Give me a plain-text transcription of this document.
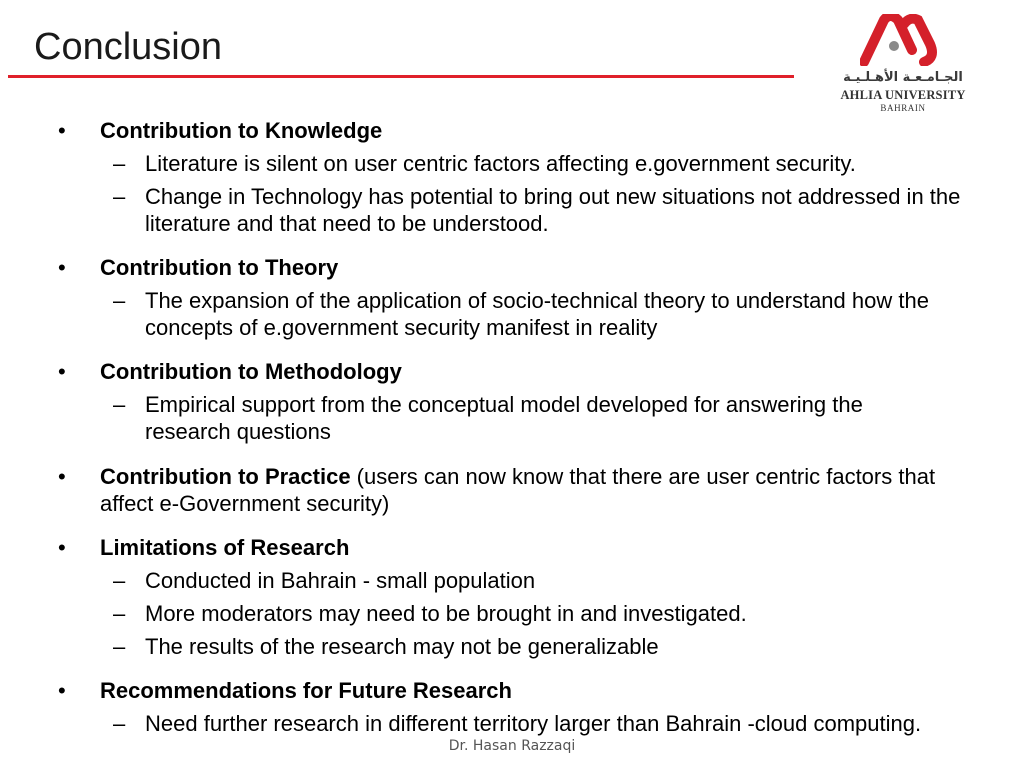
Conclusion
الجـامـعـة الأهـلـيـة
AHLIA UNIVERSITY
BAHRAIN
• Contribution to Knowledge
– Literature is silent on user centric factors affecting e.government security.
– Change in Technology has potential to bring out new situations not addressed in the literature and that need to be understood.
• Contribution to Theory
– The expansion of the application of socio-technical theory to understand how the concepts of e.government security manifest in reality
• Contribution to Methodology
– Empirical support from the conceptual model developed for answering the research questions
• Contribution to Practice (users can now know that there are user centric factors that affect e-Government security)
• Limitations of Research
– Conducted in Bahrain - small population
– More moderators may need to be brought in and investigated.
– The results of the research may not be generalizable
• Recommendations for Future Research
– Need further research in different territory larger than Bahrain -cloud computing.
Dr. Hasan Razzaqi
